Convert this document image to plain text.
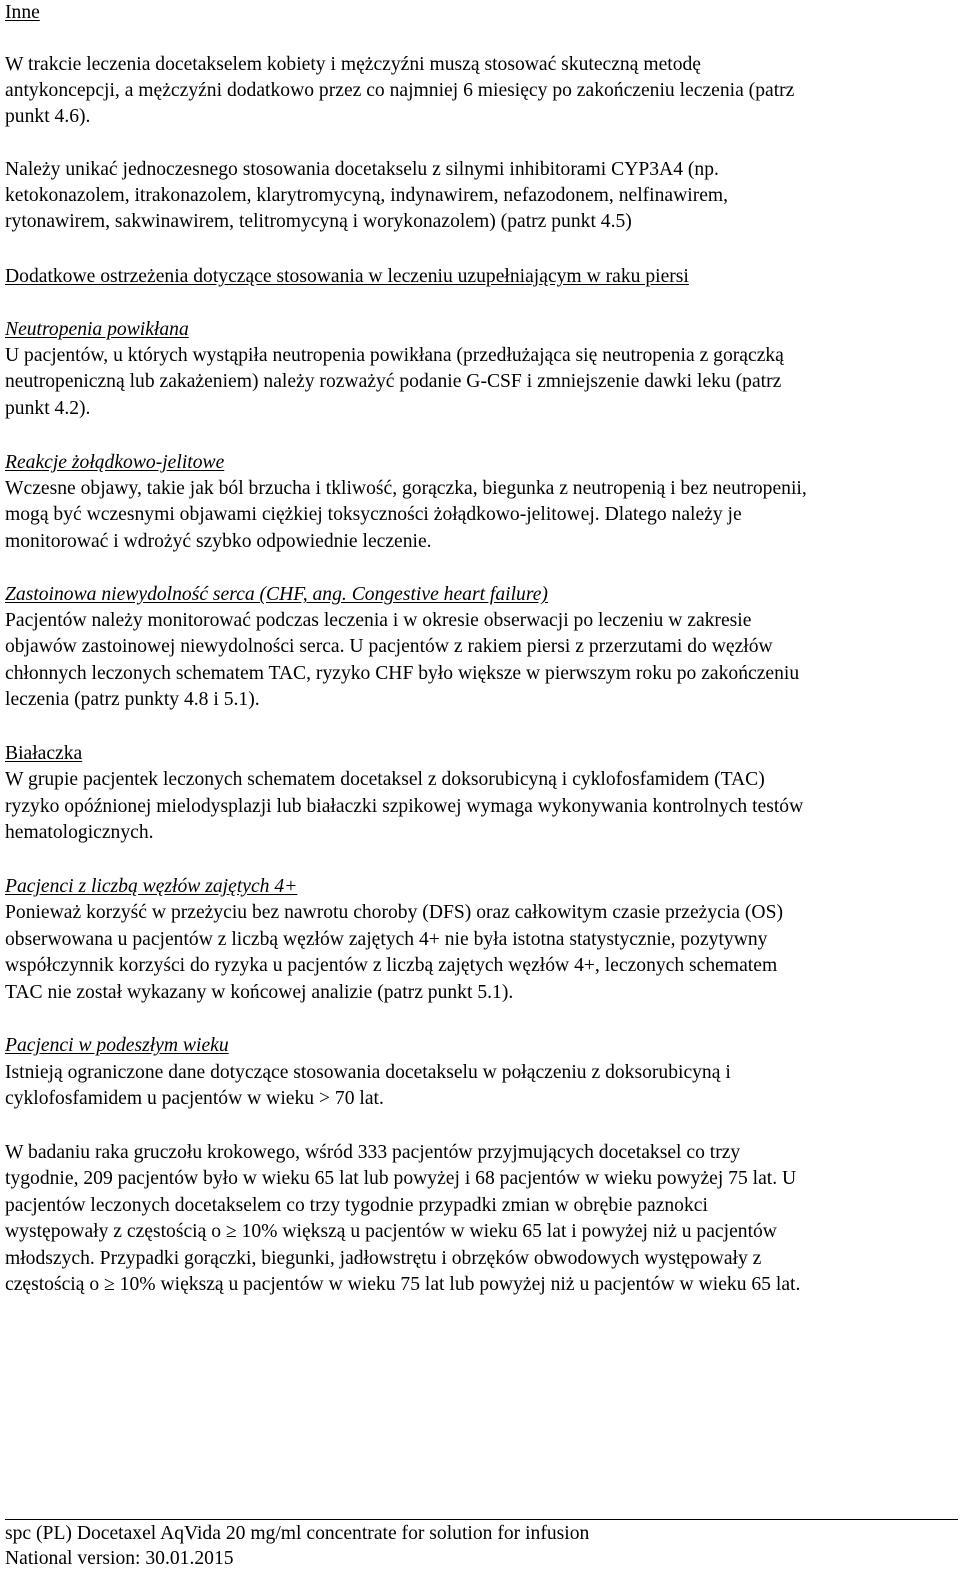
Inne
W trakcie leczenia docetakselem kobiety i mężczyźni muszą stosować skuteczną metodę
antykoncepcji, a mężczyźni dodatkowo przez co najmniej 6 miesięcy po zakończeniu leczenia (patrz
punkt 4.6).
Należy unikać jednoczesnego stosowania docetakselu z silnymi inhibitorami CYP3A4 (np.
ketokonazolem, itrakonazolem, klarytromycyną, indynawirem, nefazodonem, nelfinawirem,
rytonawirem, sakwinawirem, telitromycyną i worykonazolem) (patrz punkt 4.5)
Dodatkowe ostrzeżenia dotyczące stosowania w leczeniu uzupełniającym w raku piersi
Neutropenia powikłana
U pacjentów, u których wystąpiła neutropenia powikłana (przedłużająca się neutropenia z gorączką
neutropeniczną lub zakażeniem) należy rozważyć podanie G-CSF i zmniejszenie dawki leku (patrz
punkt 4.2).
Reakcje żołądkowo-jelitowe
Wczesne objawy, takie jak ból brzucha i tkliwość, gorączka, biegunka z neutropenią i bez neutropenii,
mogą być wczesnymi objawami ciężkiej toksyczności żołądkowo-jelitowej. Dlatego należy je
monitorować i wdrożyć szybko odpowiednie leczenie.
Zastoinowa niewydolność serca (CHF, ang. Congestive heart failure)
Pacjentów należy monitorować podczas leczenia i w okresie obserwacji po leczeniu w zakresie
objawów zastoinowej niewydolności serca. U pacjentów z rakiem piersi z przerzutami do węzłów
chłonnych leczonych schematem TAC, ryzyko CHF było większe w pierwszym roku po zakończeniu
leczenia (patrz punkty 4.8 i 5.1).
Białaczka
W grupie pacjentek leczonych schematem docetaksel z doksorubicyną i cyklofosfamidem (TAC)
ryzyko opóźnionej mielodysplazji lub białaczki szpikowej wymaga wykonywania kontrolnych testów
hematologicznych.
Pacjenci z liczbą węzłów zajętych 4+
Ponieważ korzyść w przeżyciu bez nawrotu choroby (DFS) oraz całkowitym czasie przeżycia (OS)
obserwowana u pacjentów z liczbą węzłów zajętych 4+ nie była istotna statystycznie, pozytywny
współczynnik korzyści do ryzyka u pacjentów z liczbą zajętych węzłów 4+, leczonych schematem
TAC nie został wykazany w końcowej analizie (patrz punkt 5.1).
Pacjenci w podeszłym wieku
Istnieją ograniczone dane dotyczące stosowania docetakselu w połączeniu z doksorubicyną i
cyklofosfamidem u pacjentów w wieku > 70 lat.
W badaniu raka gruczołu krokowego, wśród 333 pacjentów przyjmujących docetaksel co trzy
tygodnie, 209 pacjentów było w wieku 65 lat lub powyżej i 68 pacjentów w wieku powyżej 75 lat. U
pacjentów leczonych docetakselem co trzy tygodnie przypadki zmian w obrębie paznokci
występowały z częstością o ≥ 10% większą u pacjentów w wieku 65 lat i powyżej niż u pacjentów
młodszych. Przypadki gorączki, biegunki, jadłowstrętu i obrzęków obwodowych występowały z
częstością o ≥ 10% większą u pacjentów w wieku 75 lat lub powyżej niż u pacjentów w wieku 65 lat.
spc (PL) Docetaxel AqVida 20 mg/ml concentrate for solution for infusion
National version: 30.01.2015
